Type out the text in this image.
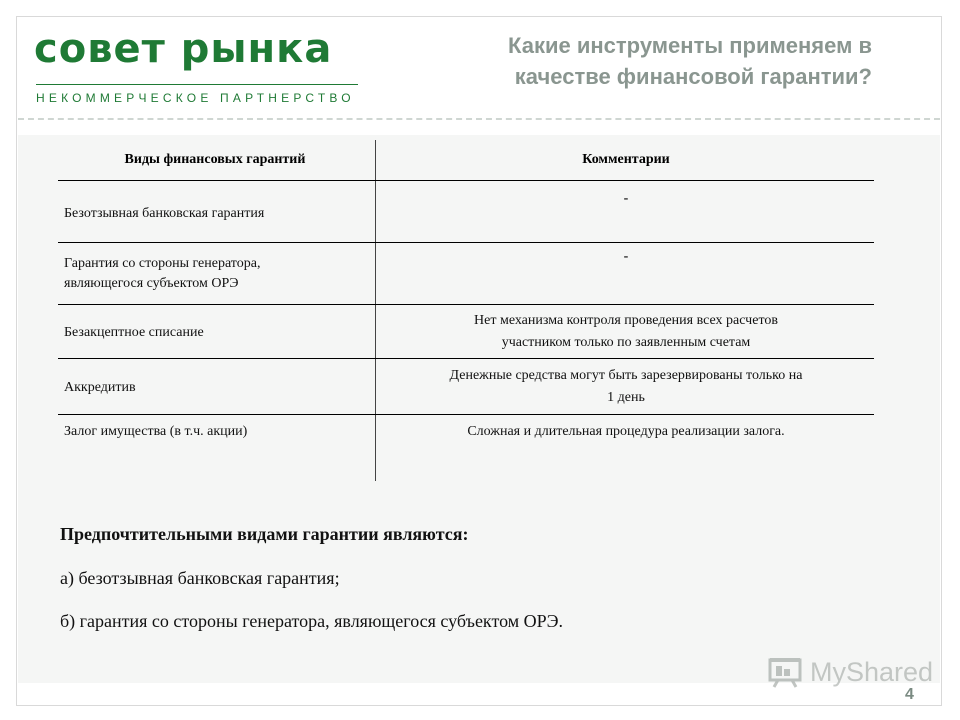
совет рынка
НЕКОММЕРЧЕСКОЕ ПАРТНЕРСТВО
Какие инструменты применяем в
качестве финансовой гарантии?
Виды финансовых гарантий	Комментарии
Безотзывная банковская гарантия
-
Гарантия со стороны генератора,
являющегося субъектом ОРЭ
-
Безакцептное списание
Нет механизма контроля проведения всех расчетов
участником только по заявленным счетам
Аккредитив
Денежные средства могут быть зарезервированы только на
1 день
Залог имущества (в т.ч. акции)	Сложная и длительная процедура реализации залога.
Предпочтительными видами гарантии являются:
а) безотзывная банковская гарантия;
б) гарантия со стороны генератора, являющегося субъектом ОРЭ.
MyShared
4
